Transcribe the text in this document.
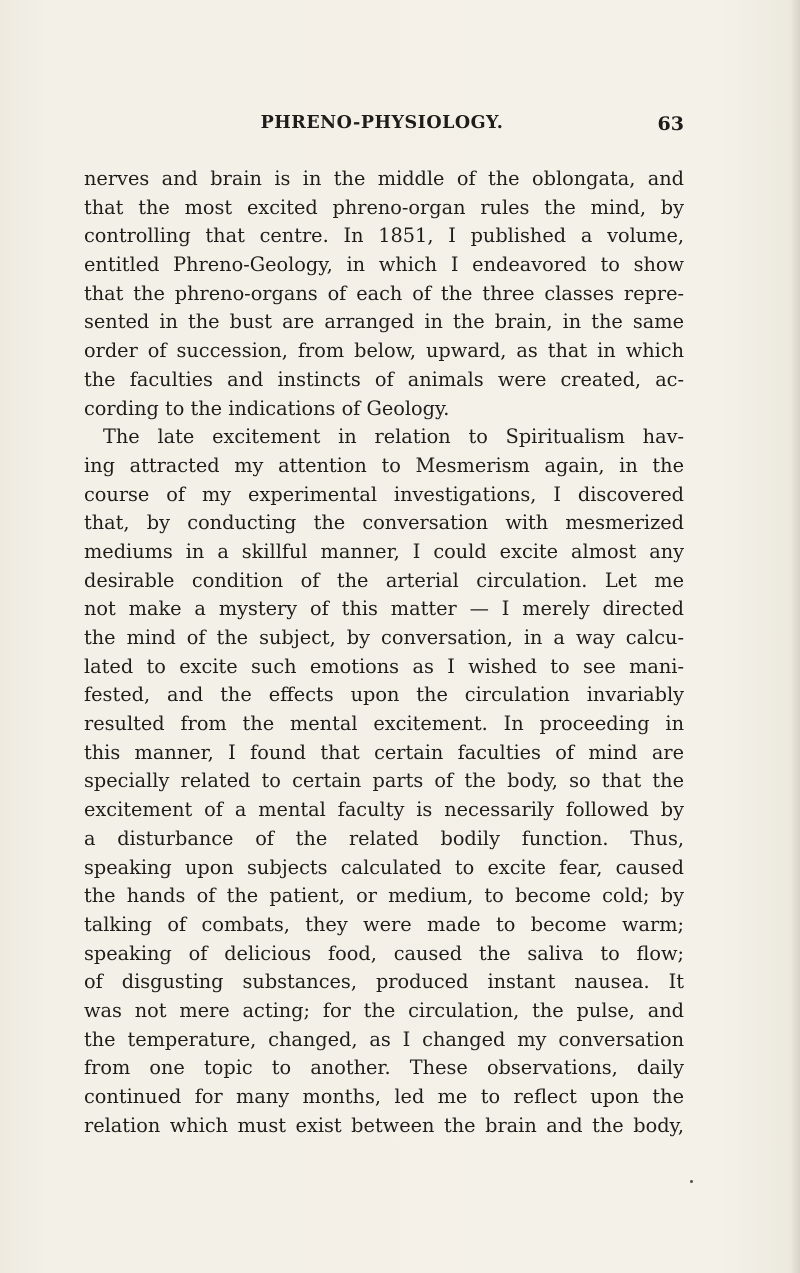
PHRENO-PHYSIOLOGY.	63
nerves and brain is in the middle of the oblongata, and
that the most excited phreno-organ rules the mind, by
controlling that centre. In 1851, I published a volume,
entitled Phreno-Geology, in which I endeavored to show
that the phreno-organs of each of the three classes repre-
sented in the bust are arranged in the brain, in the same
order of succession, from below, upward, as that in which
the faculties and instincts of animals were created, ac-
cording to the indications of Geology.
The late excitement in relation to Spiritualism hav-
ing attracted my attention to Mesmerism again, in the
course of my experimental investigations, I discovered
that, by conducting the conversation with mesmerized
mediums in a skillful manner, I could excite almost any
desirable condition of the arterial circulation. Let me
not make a mystery of this matter — I merely directed
the mind of the subject, by conversation, in a way calcu-
lated to excite such emotions as I wished to see mani-
fested, and the effects upon the circulation invariably
resulted from the mental excitement. In proceeding in
this manner, I found that certain faculties of mind are
specially related to certain parts of the body, so that the
excitement of a mental faculty is necessarily followed by
a disturbance of the related bodily function. Thus,
speaking upon subjects calculated to excite fear, caused
the hands of the patient, or medium, to become cold; by
talking of combats, they were made to become warm;
speaking of delicious food, caused the saliva to flow;
of disgusting substances, produced instant nausea. It
was not mere acting; for the circulation, the pulse, and
the temperature, changed, as I changed my conversation
from one topic to another. These observations, daily
continued for many months, led me to reflect upon the
relation which must exist between the brain and the body,
